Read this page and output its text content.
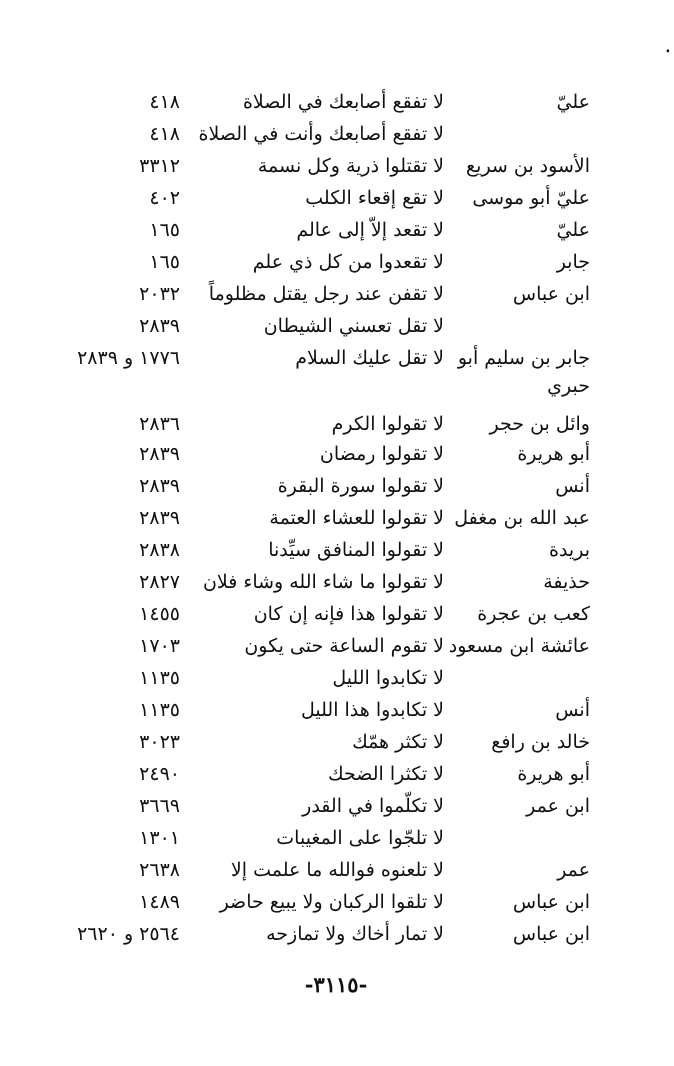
٠
عليّ
لا تفقع أصابعك في الصلاة
٤١٨
لا تفقع أصابعك وأنت في الصلاة
٤١٨
الأسود بن سريع
لا تقتلوا ذرية وكل نسمة
٣٣١٢
عليّ أبو موسى
لا تقع إقعاء الكلب
٤٠٢
عليّ
لا تقعد إلاّ إلى عالم
١٦٥
جابر
لا تقعدوا من كل ذي علم
١٦٥
ابن عباس
لا تقفن عند رجل يقتل مظلوماً
٢٠٣٢
لا تقل تعسني الشيطان
٢٨٣٩
جابر بن سليم أبو
لا تقل عليك السلام
١٧٧٦ و ٢٨٣٩
وائل بن حجر
لا تقولوا الكرم
٢٨٣٦
أبو هريرة
لا تقولوا رمضان
٢٨٣٩
أنس
لا تقولوا سورة البقرة
٢٨٣٩
عبد الله بن مغفل
لا تقولوا للعشاء العتمة
٢٨٣٩
بريدة
لا تقولوا المنافق سيِّدنا
٢٨٣٨
حذيفة
لا تقولوا ما شاء الله وشاء فلان
٢٨٢٧
كعب بن عجرة
لا تقولوا هذا فإنه إن كان
١٤٥٥
عائشة ابن مسعود
لا تقوم الساعة حتى يكون
١٧٠٣
لا تكابدوا الليل
١١٣٥
أنس
لا تكابدوا هذا الليل
١١٣٥
خالد بن رافع
لا تكثر همّك
٣٠٢٣
أبو هريرة
لا تكثرا الضحك
٢٤٩٠
ابن عمر
لا تكلّموا في القدر
٣٦٦٩
لا تلجّوا على المغيبات
١٣٠١
عمر
لا تلعنوه فوالله ما علمت إلا
٢٦٣٨
ابن عباس
لا تلقوا الركبان ولا يبيع حاضر
١٤٨٩
ابن عباس
لا تمار أخاك ولا تمازحه
٢٥٦٤ و ٢٦٢٠
حبري
-٣١١٥-
